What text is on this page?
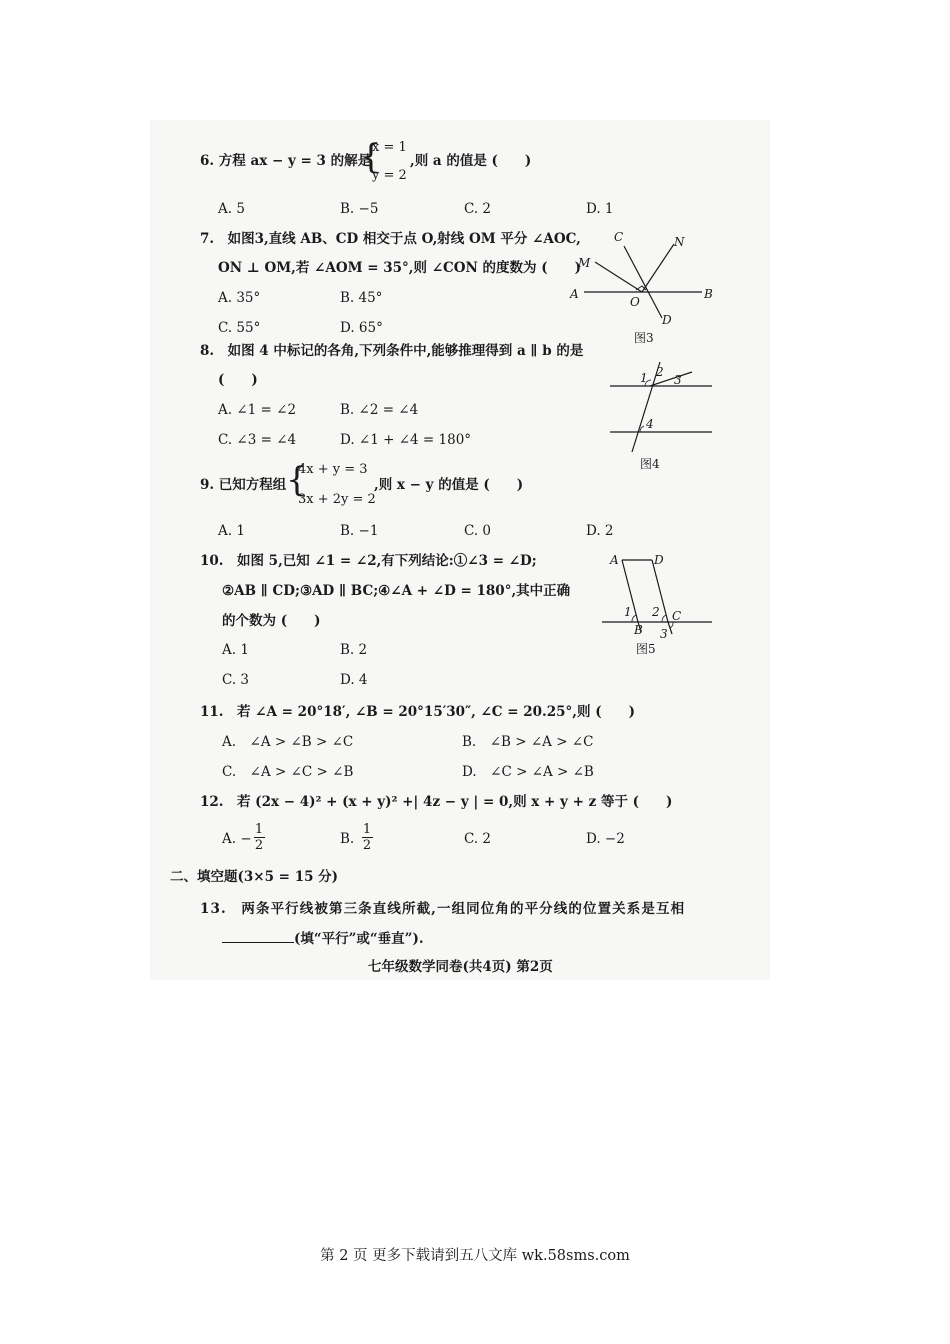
6. 方程 ax − y = 3 的解是
{
x = 1
y = 2
,则 a 的值是 (　　)
A. 5	B. −5	C. 2	D. 1
7.　如图3,直线 AB、CD 相交于点 O,射线 OM 平分 ∠AOC,
ON ⊥ OM,若 ∠AOM = 35°,则 ∠CON 的度数为 (　　)
A. 35°	B. 45°
C. 55°	D. 65°
C	N
M
A
O
B
D
图3
8.　如图 4 中标记的各角,下列条件中,能够推理得到 a ∥ b 的是
(　　)
A. ∠1 = ∠2	B. ∠2 = ∠4
C. ∠3 = ∠4	D. ∠1 + ∠4 = 180°
1 2
3
4
图4
9. 已知方程组 {
4x + y = 3
3x + 2y = 2
,则 x − y 的值是 (　　)
A. 1	B. −1	C. 0	D. 2
10.　如图 5,已知 ∠1 = ∠2,有下列结论:①∠3 = ∠D;
②AB ∥ CD;③AD ∥ BC;④∠A + ∠D = 180°,其中正确
的个数为 (　　)
A. 1	B. 2
C. 3	D. 4
A	D
1 2 C
B 3
图5
11.　若 ∠A = 20°18′, ∠B = 20°15′30″, ∠C = 20.25°,则 (　　)
A.　∠A > ∠B > ∠C	B.　∠B > ∠A > ∠C
C.　∠A > ∠C > ∠B	D.　∠C > ∠A > ∠B
12.　若 (2x − 4)² + (x + y)² +| 4z − y | = 0,则 x + y + z 等于 (　　)
A. −
1
2	B.
1
2	C. 2	D. −2
二、填空题(3×5 = 15 分)
13.　两条平行线被第三条直线所截,一组同位角的平分线的位置关系是互相
(填“平行”或“垂直”).
七年级数学同卷(共4页) 第2页
第 2 页 更多下载请到五八文库 wk.58sms.com
